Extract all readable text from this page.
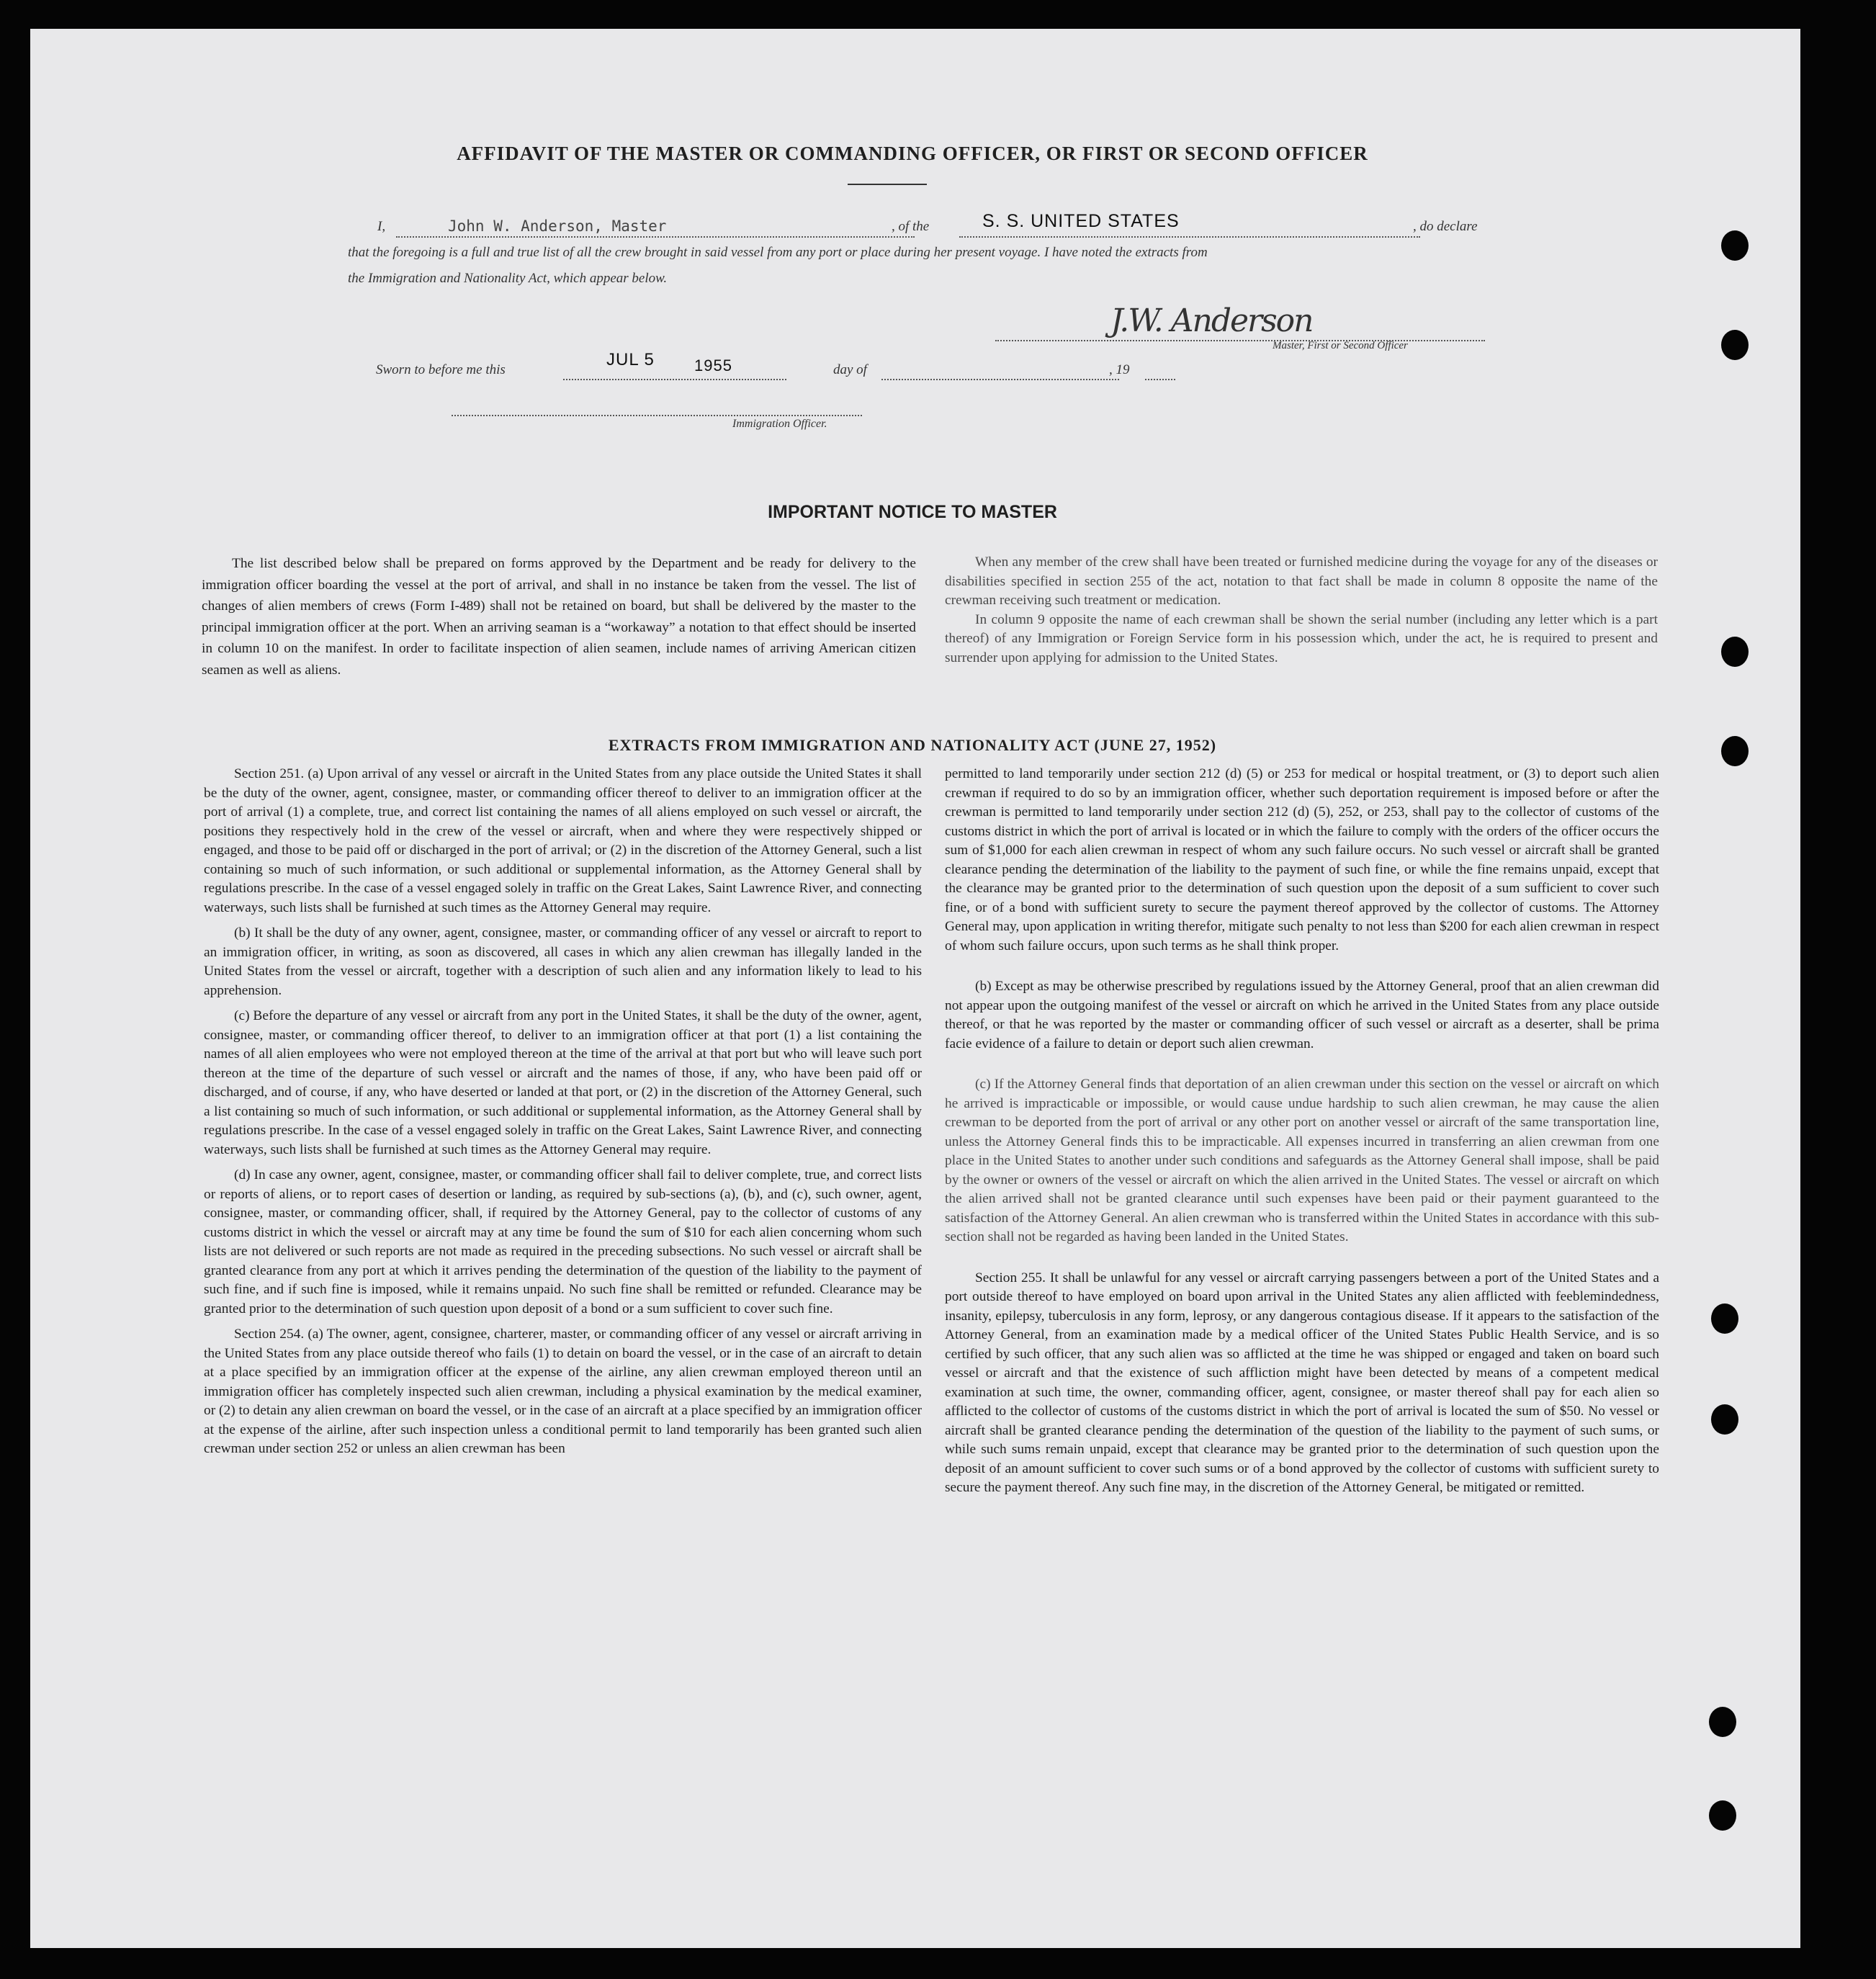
AFFIDAVIT OF THE MASTER OR COMMANDING OFFICER, OR FIRST OR SECOND OFFICER
I,	John W. Anderson, Master	, of the	S. S. UNITED STATES	, do declare
that the foregoing is a full and true list of all the crew brought in said vessel from any port or place during her present voyage. I have noted the extracts from
the Immigration and Nationality Act, which appear below.
J.W. Anderson
Master, First or Second Officer
Sworn to before me this
JUL 5	1955	day of	, 19
Immigration Officer.
IMPORTANT NOTICE TO MASTER

The list described below shall be prepared on forms approved by the Department and be ready for delivery to the immigration officer boarding the vessel at the port of arrival, and shall in no instance be taken from the vessel. The list of changes of alien members of crews (Form I-489) shall not be retained on board, but shall be delivered by the master to the principal immigration officer at the port. When an arriving seaman is a “workaway” a notation to that effect should be inserted in column 10 on the manifest. In order to facilitate inspection of alien seamen, include names of arriving American citizen seamen as well as aliens.

When any member of the crew shall have been treated or furnished medicine during the voyage for any of the diseases or disabilities specified in section 255 of the act, notation to that fact shall be made in column 8 opposite the name of the crewman receiving such treatment or medication.

In column 9 opposite the name of each crewman shall be shown the serial number (including any letter which is a part thereof) of any Immigration or Foreign Service form in his possession which, under the act, he is required to present and surrender upon applying for admission to the United States.

EXTRACTS FROM IMMIGRATION AND NATIONALITY ACT (JUNE 27, 1952)

Section 251. (a) Upon arrival of any vessel or aircraft in the United States from any place outside the United States it shall be the duty of the owner, agent, consignee, master, or commanding officer thereof to deliver to an immigration officer at the port of arrival (1) a complete, true, and correct list containing the names of all aliens employed on such vessel or aircraft, the positions they respectively hold in the crew of the vessel or aircraft, when and where they were respectively shipped or engaged, and those to be paid off or discharged in the port of arrival; or (2) in the discretion of the Attorney General, such a list containing so much of such information, or such additional or supplemental information, as the Attorney General shall by regulations prescribe. In the case of a vessel engaged solely in traffic on the Great Lakes, Saint Lawrence River, and connecting waterways, such lists shall be furnished at such times as the Attorney General may require.

(b) It shall be the duty of any owner, agent, consignee, master, or commanding officer of any vessel or aircraft to report to an immigration officer, in writing, as soon as discovered, all cases in which any alien crewman has illegally landed in the United States from the vessel or aircraft, together with a description of such alien and any information likely to lead to his apprehension.

(c) Before the departure of any vessel or aircraft from any port in the United States, it shall be the duty of the owner, agent, consignee, master, or commanding officer thereof, to deliver to an immigration officer at that port (1) a list containing the names of all alien employees who were not employed thereon at the time of the arrival at that port but who will leave such port thereon at the time of the departure of such vessel or aircraft and the names of those, if any, who have been paid off or discharged, and of course, if any, who have deserted or landed at that port, or (2) in the discretion of the Attorney General, such a list containing so much of such information, or such additional or supplemental information, as the Attorney General shall by regulations prescribe. In the case of a vessel engaged solely in traffic on the Great Lakes, Saint Lawrence River, and connecting waterways, such lists shall be furnished at such times as the Attorney General may require.

(d) In case any owner, agent, consignee, master, or commanding officer shall fail to deliver complete, true, and correct lists or reports of aliens, or to report cases of desertion or landing, as required by sub-sections (a), (b), and (c), such owner, agent, consignee, master, or commanding officer, shall, if required by the Attorney General, pay to the collector of customs of any customs district in which the vessel or aircraft may at any time be found the sum of $10 for each alien concerning whom such lists are not delivered or such reports are not made as required in the preceding subsections. No such vessel or aircraft shall be granted clearance from any port at which it arrives pending the determination of the question of the liability to the payment of such fine, and if such fine is imposed, while it remains unpaid. No such fine shall be remitted or refunded. Clearance may be granted prior to the determination of such question upon deposit of a bond or a sum sufficient to cover such fine.

Section 254. (a) The owner, agent, consignee, charterer, master, or commanding officer of any vessel or aircraft arriving in the United States from any place outside thereof who fails (1) to detain on board the vessel, or in the case of an aircraft to detain at a place specified by an immigration officer at the expense of the airline, any alien crewman employed thereon until an immigration officer has completely inspected such alien crewman, including a physical examination by the medical examiner, or (2) to detain any alien crewman on board the vessel, or in the case of an aircraft at a place specified by an immigration officer at the expense of the airline, after such inspection unless a conditional permit to land temporarily has been granted such alien crewman under section 252 or unless an alien crewman has been

permitted to land temporarily under section 212 (d) (5) or 253 for medical or hospital treatment, or (3) to deport such alien crewman if required to do so by an immigration officer, whether such deportation requirement is imposed before or after the crewman is permitted to land temporarily under section 212 (d) (5), 252, or 253, shall pay to the collector of customs of the customs district in which the port of arrival is located or in which the failure to comply with the orders of the officer occurs the sum of $1,000 for each alien crewman in respect of whom any such failure occurs. No such vessel or aircraft shall be granted clearance pending the determination of the liability to the payment of such fine, or while the fine remains unpaid, except that the clearance may be granted prior to the determination of such question upon the deposit of a sum sufficient to cover such fine, or of a bond with sufficient surety to secure the payment thereof approved by the collector of customs. The Attorney General may, upon application in writing therefor, mitigate such penalty to not less than $200 for each alien crewman in respect of whom such failure occurs, upon such terms as he shall think proper.

(b) Except as may be otherwise prescribed by regulations issued by the Attorney General, proof that an alien crewman did not appear upon the outgoing manifest of the vessel or aircraft on which he arrived in the United States from any place outside thereof, or that he was reported by the master or commanding officer of such vessel or aircraft as a deserter, shall be prima facie evidence of a failure to detain or deport such alien crewman.

(c) If the Attorney General finds that deportation of an alien crewman under this section on the vessel or aircraft on which he arrived is impracticable or impossible, or would cause undue hardship to such alien crewman, he may cause the alien crewman to be deported from the port of arrival or any other port on another vessel or aircraft of the same transportation line, unless the Attorney General finds this to be impracticable. All expenses incurred in transferring an alien crewman from one place in the United States to another under such conditions and safeguards as the Attorney General shall impose, shall be paid by the owner or owners of the vessel or aircraft on which the alien arrived in the United States. The vessel or aircraft on which the alien arrived shall not be granted clearance until such expenses have been paid or their payment guaranteed to the satisfaction of the Attorney General. An alien crewman who is transferred within the United States in accordance with this sub-section shall not be regarded as having been landed in the United States.

Section 255. It shall be unlawful for any vessel or aircraft carrying passengers between a port of the United States and a port outside thereof to have employed on board upon arrival in the United States any alien afflicted with feeblemindedness, insanity, epilepsy, tuberculosis in any form, leprosy, or any dangerous contagious disease. If it appears to the satisfaction of the Attorney General, from an examination made by a medical officer of the United States Public Health Service, and is so certified by such officer, that any such alien was so afflicted at the time he was shipped or engaged and taken on board such vessel or aircraft and that the existence of such affliction might have been detected by means of a competent medical examination at such time, the owner, commanding officer, agent, consignee, or master thereof shall pay for each alien so afflicted to the collector of customs of the customs district in which the port of arrival is located the sum of $50. No vessel or aircraft shall be granted clearance pending the determination of the question of the liability to the payment of such sums, or while such sums remain unpaid, except that clearance may be granted prior to the determination of such question upon the deposit of an amount sufficient to cover such sums or of a bond approved by the collector of customs with sufficient surety to secure the payment thereof. Any such fine may, in the discretion of the Attorney General, be mitigated or remitted.
